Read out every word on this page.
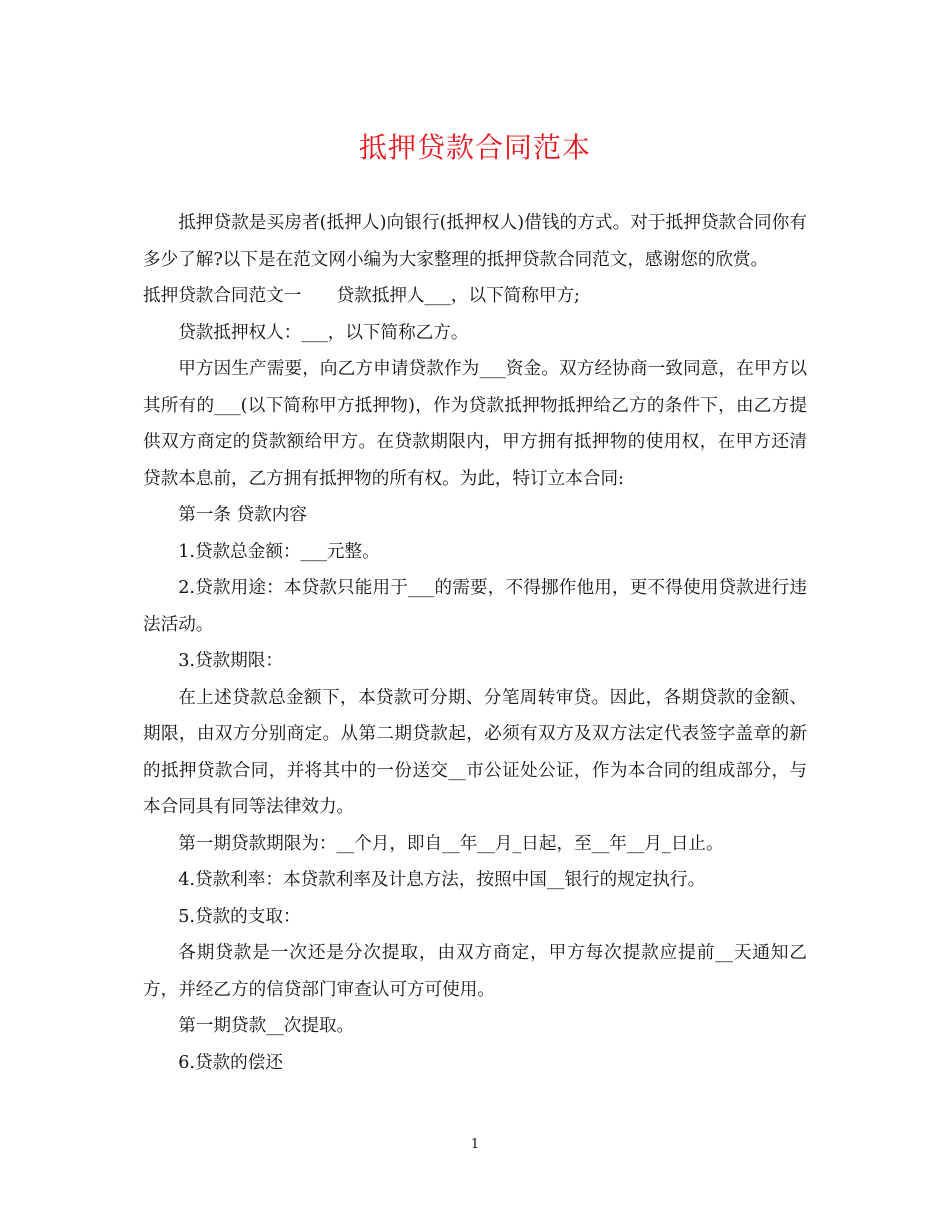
抵押贷款合同范本

抵押贷款是买房者(抵押人)向银行(抵押权人)借钱的方式。对于抵押贷款合同你有多少了解?以下是在范文网小编为大家整理的抵押贷款合同范文，感谢您的欣赏。

抵押贷款合同范文一　　贷款抵押人___，以下简称甲方;

贷款抵押权人：___，以下简称乙方。

甲方因生产需要，向乙方申请贷款作为___资金。双方经协商一致同意，在甲方以其所有的___(以下简称甲方抵押物)，作为贷款抵押物抵押给乙方的条件下，由乙方提供双方商定的贷款额给甲方。在贷款期限内，甲方拥有抵押物的使用权，在甲方还清贷款本息前，乙方拥有抵押物的所有权。为此，特订立本合同:

第一条 贷款内容

1.贷款总金额：___元整。

2.贷款用途：本贷款只能用于___的需要，不得挪作他用，更不得使用贷款进行违法活动。

3.贷款期限：

在上述贷款总金额下，本贷款可分期、分笔周转审贷。因此，各期贷款的金额、期限，由双方分别商定。从第二期贷款起，必须有双方及双方法定代表签字盖章的新的抵押贷款合同，并将其中的一份送交__市公证处公证，作为本合同的组成部分，与本合同具有同等法律效力。

第一期贷款期限为：__个月，即自__年__月_日起，至__年__月_日止。

4.贷款利率：本贷款利率及计息方法，按照中国__银行的规定执行。

5.贷款的支取：

各期贷款是一次还是分次提取，由双方商定，甲方每次提款应提前__天通知乙方，并经乙方的信贷部门审查认可方可使用。

第一期贷款__次提取。

6.贷款的偿还

1
